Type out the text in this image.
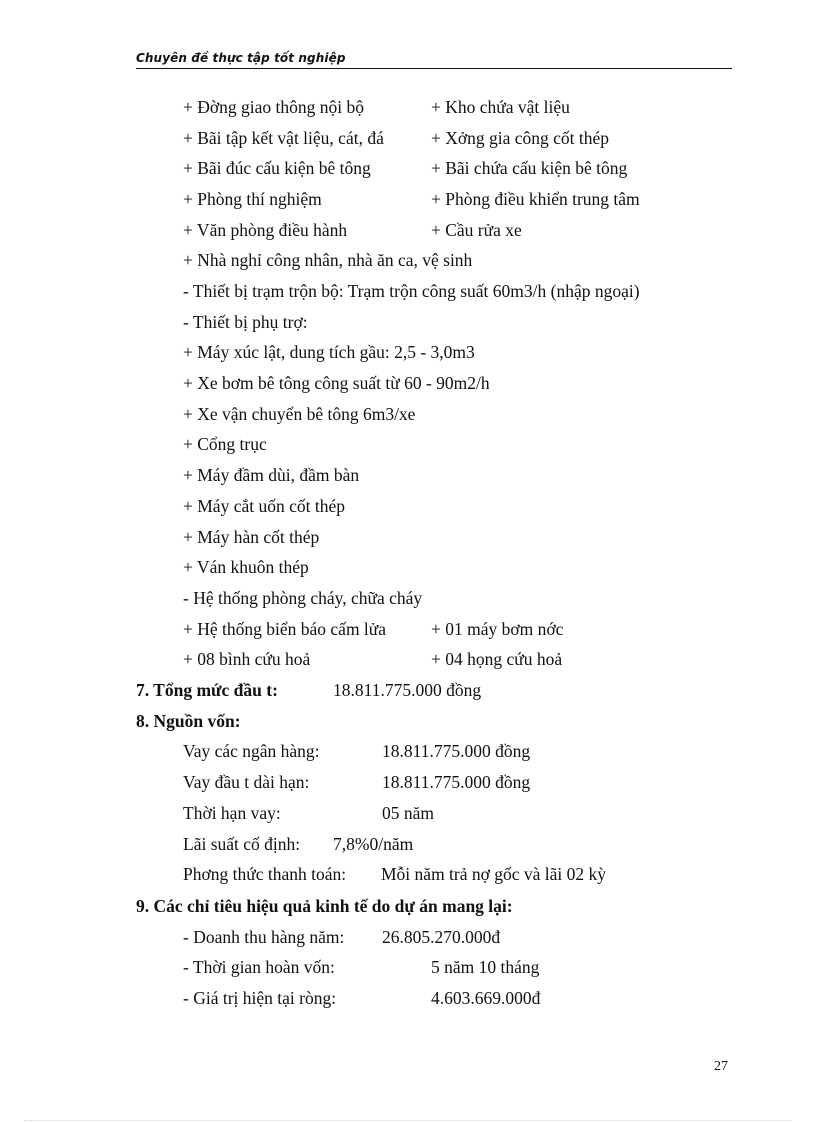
Chuyên đề thực tập tốt nghiệp
+ Đờng giao thông nội bộ	+ Kho chứa vật liệu
+ Bãi tập kết vật liệu, cát, đá	+ Xởng gia công cốt thép
+ Bãi đúc cấu kiện bê tông	+ Bãi chứa cấu kiện bê tông
+ Phòng thí nghiệm	+ Phòng điều khiển trung tâm
+ Văn phòng điều hành	+ Cầu rửa xe
+ Nhà nghỉ công nhân, nhà ăn ca, vệ sinh
- Thiết bị trạm trộn bộ: Trạm trộn công suất 60m3/h (nhập ngoại)
- Thiết bị phụ trợ:
+ Máy xúc lật, dung tích gầu: 2,5 - 3,0m3
+ Xe bơm bê tông công suất từ 60 - 90m2/h
+ Xe vận chuyển bê tông 6m3/xe
+ Cổng trục
+ Máy đầm dùi, đầm bàn
+ Máy cắt uốn cốt thép
+ Máy hàn cốt thép
+ Ván khuôn thép
- Hệ thống phòng cháy, chữa cháy
+ Hệ thống biển báo cấm lửa	+ 01 máy bơm nớc
+ 08 bình cứu hoả	+ 04 họng cứu hoả
7. Tổng mức đầu t:	18.811.775.000 đồng
8. Nguồn vốn:
Vay các ngân hàng:	18.811.775.000 đồng
Vay đầu t dài hạn:	18.811.775.000 đồng
Thời hạn vay:	05 năm
Lãi suất cố định: 7,8%0/năm
Phơng thức thanh toán: Mỗi năm trả nợ gốc và lãi 02 kỳ
9. Các chỉ tiêu hiệu quả kinh tế do dự án mang lại:
- Doanh thu hàng năm: 26.805.270.000đ
- Thời gian hoàn vốn:	5 năm 10 tháng
- Giá trị hiện tại ròng:	4.603.669.000đ
27
